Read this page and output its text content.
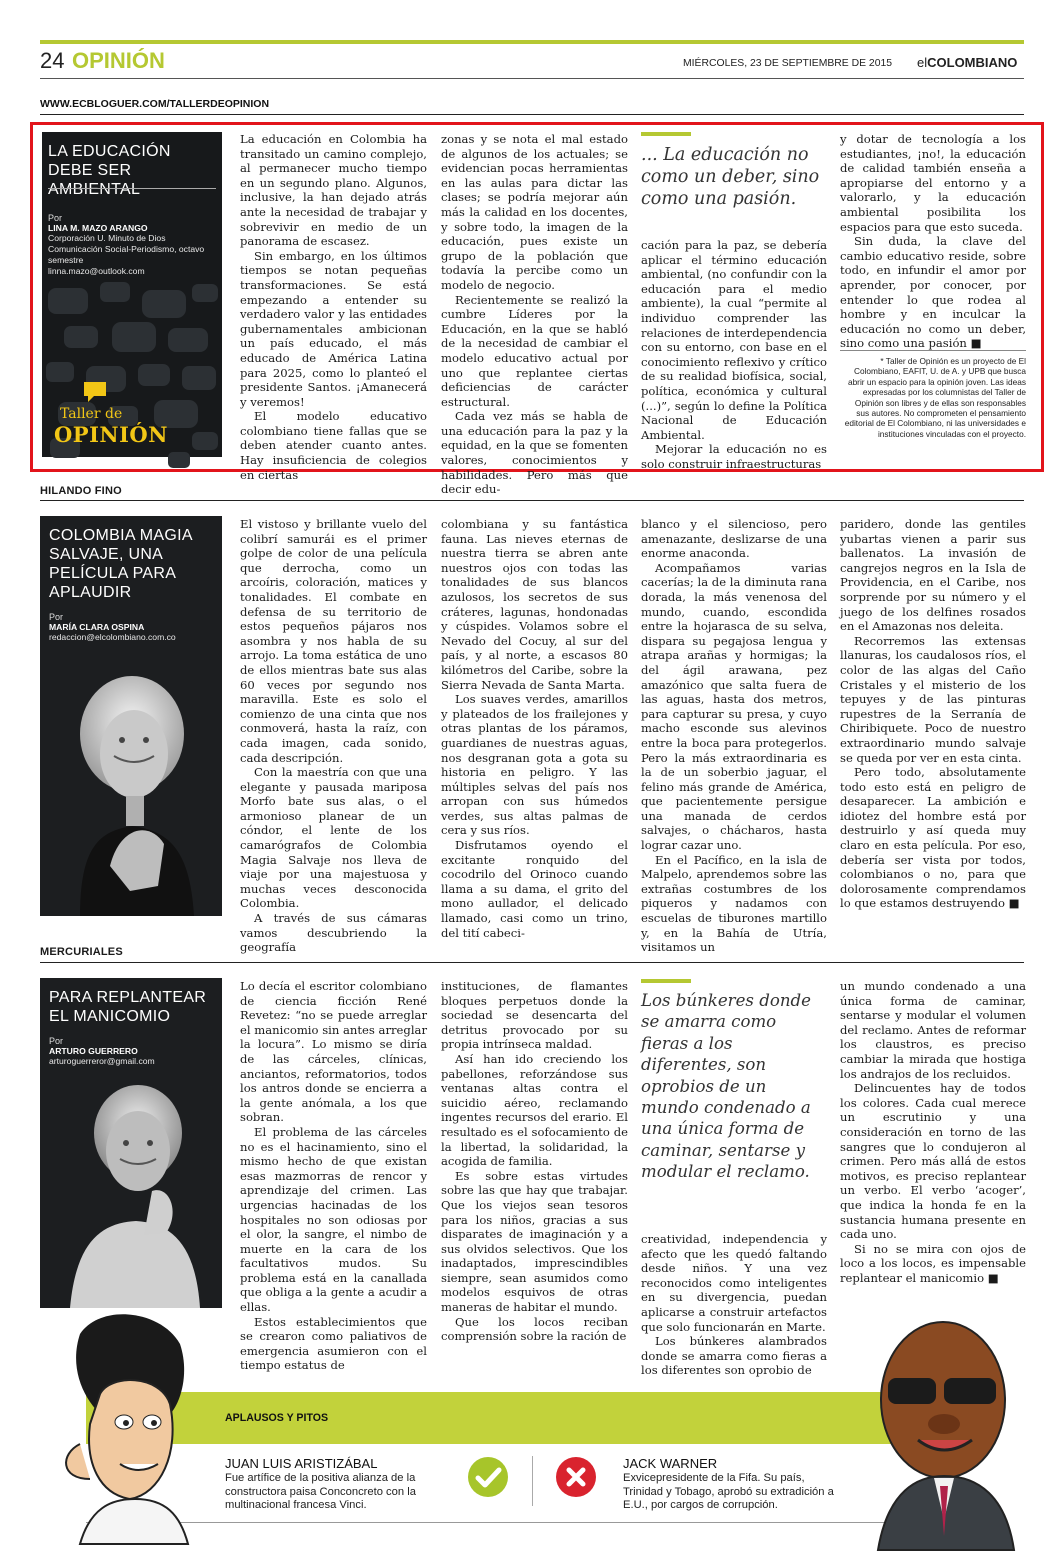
24 OPINIÓN	MIÉRCOLES, 23 DE SEPTIEMBRE DE 2015 elCOLOMBIANO
WWW.ECBLOGUER.COM/TALLERDEOPINION
LA EDUCACIÓN DEBE SER AMBIENTAL
Por
LINA M. MAZO ARANGO
Corporación U. Minuto de Dios Comunicación Social-Periodismo, octavo semestre
linna.mazo@outlook.com
Taller de
OPINIÓN

La educación en Colombia ha transitado un camino complejo, al permanecer mucho tiempo en un segundo plano. Algunos, inclusive, la han dejado atrás ante la necesidad de trabajar y sobrevivir en medio de un panorama de escasez.

Sin embargo, en los últimos tiempos se notan pequeñas transformaciones. Se está empezando a entender su verdadero valor y las entidades gubernamentales ambicionan un país educado, el más educado de América Latina para 2025, como lo planteó el presidente Santos. ¡Amanecerá y veremos!

El modelo educativo colombiano tiene fallas que se deben atender cuanto antes. Hay insuficiencia de colegios en ciertas

zonas y se nota el mal estado de algunos de los actuales; se evidencian pocas herramientas en las aulas para dictar las clases; se podría mejorar aún más la calidad en los docentes, y sobre todo, la imagen de la educación, pues existe un grupo de la población que todavía la percibe como un modelo de negocio.

Recientemente se realizó la cumbre Líderes por la Educación, en la que se habló de la necesidad de cambiar el modelo educativo actual por uno que replantee ciertas deficiencias de carácter estructural.

Cada vez más se habla de una educación para la paz y la equidad, en la que se fomenten valores, conocimientos y habilidades. Pero más que decir edu-

... La educación no como un deber, sino como una pasión.

cación para la paz, se debería aplicar el término educación ambiental, (no confundir con la educación para el medio ambiente), la cual “permite al individuo comprender las relaciones de interdependencia con su entorno, con base en el conocimiento reflexivo y crítico de su realidad biofísica, social, política, económica y cultural (...)”, según lo define la Política Nacional de Educación Ambiental.

Mejorar la educación no es solo construir infraestructuras

y dotar de tecnología a los estudiantes, ¡no!, la educación de calidad también enseña a apropiarse del entorno y a valorarlo, y la educación ambiental posibilita los espacios para que esto suceda.

Sin duda, la clave del cambio educativo reside, sobre todo, en infundir el amor por aprender, por conocer, por entender lo que rodea al hombre y en inculcar la educación no como un deber, sino como una pasión ■

* Taller de Opinión es un proyecto de El Colombiano, EAFIT, U. de A. y UPB que busca abrir un espacio para la opinión joven. Las ideas expresadas por los columnistas del Taller de Opinión son libres y de ellas son responsables sus autores. No comprometen el pensamiento editorial de El Colombiano, ni las universidades e instituciones vinculadas con el proyecto.
HILANDO FINO
COLOMBIA MAGIA SALVAJE, UNA PELÍCULA PARA APLAUDIR
Por
MARÍA CLARA OSPINA
redaccion@elcolombiano.com.co

El vistoso y brillante vuelo del colibrí samurái es el primer golpe de color de una película que derrocha, como un arcoíris, coloración, matices y tonalidades. El combate en defensa de su territorio de estos pequeños pájaros nos asombra y nos habla de su arrojo. La toma estática de uno de ellos mientras bate sus alas 60 veces por segundo nos maravilla. Este es solo el comienzo de una cinta que nos conmoverá, hasta la raíz, con cada imagen, cada sonido, cada descripción.

Con la maestría con que una elegante y pausada mariposa Morfo bate sus alas, o el armonioso planear de un cóndor, el lente de los camarógrafos de Colombia Magia Salvaje nos lleva de viaje por una majestuosa y muchas veces desconocida Colombia.

A través de sus cámaras vamos descubriendo la geografía

colombiana y su fantástica fauna. Las nieves eternas de nuestra tierra se abren ante nuestros ojos con todas las tonalidades de sus blancos azulosos, los secretos de sus cráteres, lagunas, hondonadas y cúspides. Volamos sobre el Nevado del Cocuy, al sur del país, y al norte, a escasos 80 kilómetros del Caribe, sobre la Sierra Nevada de Santa Marta.

Los suaves verdes, amarillos y plateados de los frailejones y otras plantas de los páramos, guardianes de nuestras aguas, nos desgranan gota a gota su historia en peligro. Y las múltiples selvas del país nos arropan con sus húmedos verdes, sus altas palmas de cera y sus ríos.

Disfrutamos oyendo el excitante ronquido del cocodrilo del Orinoco cuando llama a su dama, el grito del mono aullador, el delicado llamado, casi como un trino, del tití cabeci-

blanco y el silencioso, pero amenazante, deslizarse de una enorme anaconda.

Acompañamos varias cacerías; la de la diminuta rana dorada, la más venenosa del mundo, cuando, escondida entre la hojarasca de su selva, dispara su pegajosa lengua y atrapa arañas y hormigas; la del ágil arawana, pez amazónico que salta fuera de las aguas, hasta dos metros, para capturar su presa, y cuyo macho esconde sus alevinos entre la boca para protegerlos. Pero la más extraordinaria es la de un soberbio jaguar, el felino más grande de América, que pacientemente persigue una manada de cerdos salvajes, o chácharos, hasta lograr cazar uno.

En el Pacífico, en la isla de Malpelo, aprendemos sobre las extrañas costumbres de los piqueros y nadamos con escuelas de tiburones martillo y, en la Bahía de Utría, visitamos un

paridero, donde las gentiles yubartas vienen a parir sus ballenatos. La invasión de cangrejos negros en la Isla de Providencia, en el Caribe, nos sorprende por su número y el juego de los delfines rosados en el Amazonas nos deleita.

Recorremos las extensas llanuras, los caudalosos ríos, el color de las algas del Caño Cristales y el misterio de los tepuyes y de las pinturas rupestres de la Serranía de Chiribiquete. Poco de nuestro extraordinario mundo salvaje se queda por ver en esta cinta.

Pero todo, absolutamente todo esto está en peligro de desaparecer. La ambición e idiotez del hombre está por destruirlo y así queda muy claro en esta película. Por eso, debería ser vista por todos, colombianos o no, para que dolorosamente comprendamos lo que estamos destruyendo ■

MERCURIALES
PARA REPLANTEAR EL MANICOMIO
Por
ARTURO GUERRERO
arturoguerreror@gmail.com

Lo decía el escritor colombiano de ciencia ficción René Revetez: “no se puede arreglar el manicomio sin antes arreglar la locura”. Lo mismo se diría de las cárceles, clínicas, anciantos, reformatorios, todos los antros donde se encierra a la gente anómala, a los que sobran.

El problema de las cárceles no es el hacinamiento, sino el mismo hecho de que existan esas mazmorras de rencor y aprendizaje del crimen. Las urgencias hacinadas de los hospitales no son odiosas por el olor, la sangre, el nimbo de muerte en la cara de los facultativos mudos. Su problema está en la canallada que obliga a la gente a acudir a ellas.

Estos establecimientos que se crearon como paliativos de emergencia asumieron con el tiempo estatus de

instituciones, de flamantes bloques perpetuos donde la sociedad se desencarta del detritus provocado por su propia intrínseca maldad.

Así han ido creciendo los pabellones, reforzándose sus ventanas altas contra el suicidio aéreo, reclamando ingentes recursos del erario. El resultado es el sofocamiento de la libertad, la solidaridad, la acogida de familia.

Es sobre estas virtudes sobre las que hay que trabajar. Que los viejos sean tesoros para los niños, gracias a sus disparates de imaginación y a sus olvidos selectivos. Que los inadaptados, imprescindibles siempre, sean asumidos como modelos esquivos de otras maneras de habitar el mundo.

Que los locos reciban comprensión sobre la ración de

Los búnkeres donde se amarra como fieras a los diferentes, son oprobios de un mundo condenado a una única forma de caminar, sentarse y modular el reclamo.

creatividad, independencia y afecto que les quedó faltando desde niños. Y una vez reconocidos como inteligentes en su divergencia, puedan aplicarse a construir artefactos que solo funcionarán en Marte.

Los búnkeres alambrados donde se amarra como fieras a los diferentes son oprobio de

un mundo condenado a una única forma de caminar, sentarse y modular el volumen del reclamo. Antes de reformar los claustros, es preciso cambiar la mirada que hostiga los andrajos de los recluidos.

Delincuentes hay de todos los colores. Cada cual merece un escrutinio y una consideración en torno de las sangres que lo condujeron al crimen. Pero más allá de estos motivos, es preciso replantear un verbo. El verbo ‘acoger’, que indica la honda fe en la sustancia humana presente en cada uno.

Si no se mira con ojos de loco a los locos, es impensable replantear el manicomio ■

APLAUSOS Y PITOS
JUAN LUIS ARISTIZÁBAL
Fue artífice de la positiva alianza de la constructora paisa Conconcreto con la multinacional francesa Vinci.
JACK WARNER
Exvicepresidente de la Fifa. Su país, Trinidad y Tobago, aprobó su extradición a E.U., por cargos de corrupción.
